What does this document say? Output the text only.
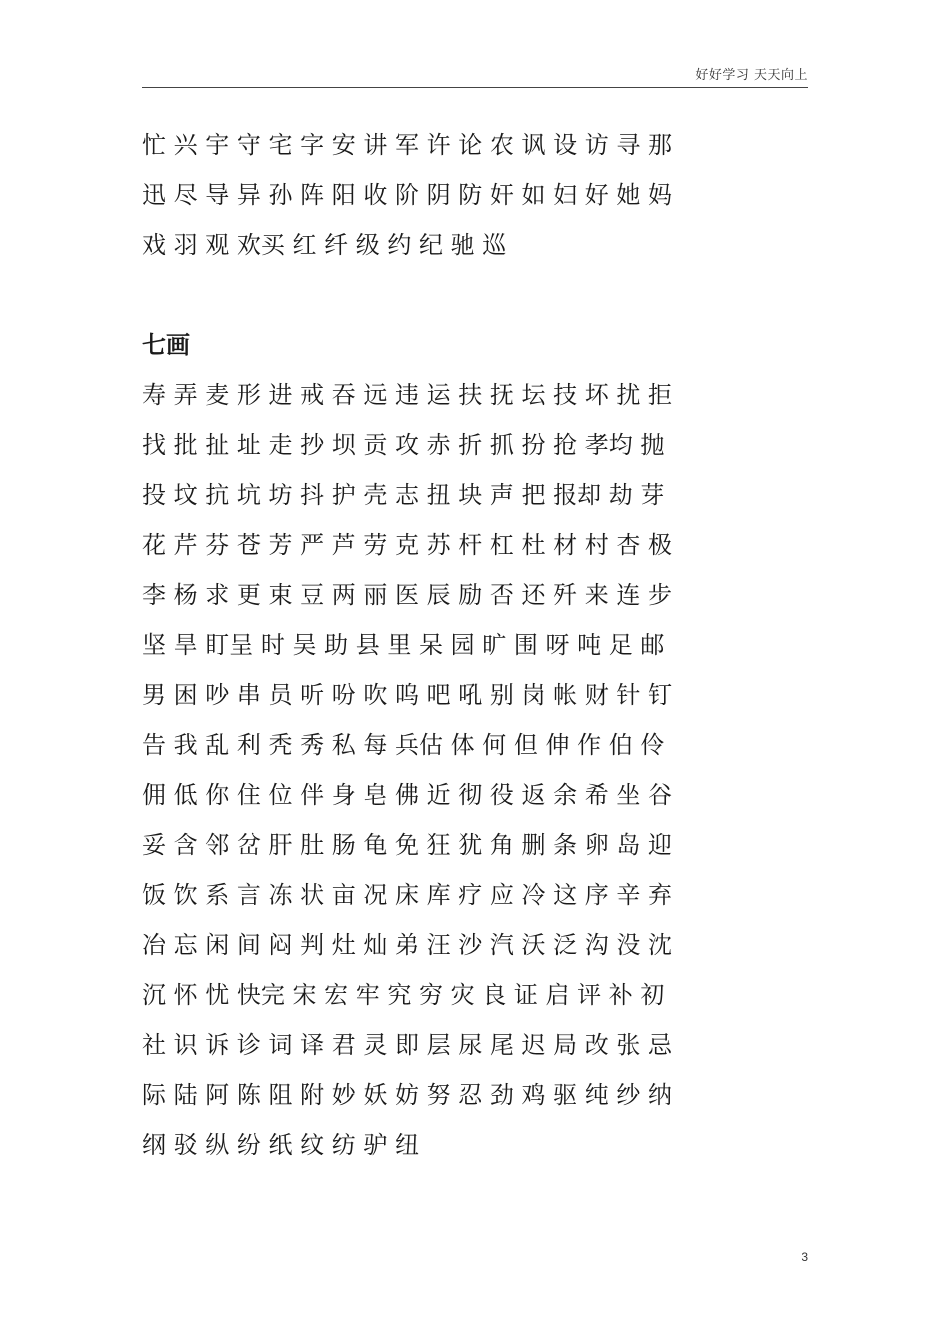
好好学习 天天向上
忙 兴 宇 守 宅 字 安 讲 军 许 论 农 讽 设 访 寻 那
迅 尽 导 异 孙 阵 阳 收 阶 阴 防 奸 如 妇 好 她 妈
戏 羽 观 欢买 红 纤 级 约 纪 驰 巡
七画
寿 弄 麦 形 进 戒 吞 远 违 运 扶 抚 坛 技 坏 扰 拒
找 批 扯 址 走 抄 坝 贡 攻 赤 折 抓 扮 抢 孝均 抛
投 坟 抗 坑 坊 抖 护 壳 志 扭 块 声 把 报却 劫 芽
花 芹 芬 苍 芳 严 芦 劳 克 苏 杆 杠 杜 材 村 杏 极
李 杨 求 更 束 豆 两 丽 医 辰 励 否 还 歼 来 连 步
坚 旱 盯呈 时 吴 助 县 里 呆 园 旷 围 呀 吨 足 邮
男 困 吵 串 员 听 吩 吹 呜 吧 吼 别 岗 帐 财 针 钉
告 我 乱 利 秃 秀 私 每 兵估 体 何 但 伸 作 伯 伶
佣 低 你 住 位 伴 身 皂 佛 近 彻 役 返 余 希 坐 谷
妥 含 邻 岔 肝 肚 肠 龟 免 狂 犹 角 删 条 卵 岛 迎
饭 饮 系 言 冻 状 亩 况 床 库 疗 应 冷 这 序 辛 弃
冶 忘 闲 间 闷 判 灶 灿 弟 汪 沙 汽 沃 泛 沟 没 沈
沉 怀 忧 快完 宋 宏 牢 究 穷 灾 良 证 启 评 补 初
社 识 诉 诊 词 译 君 灵 即 层 尿 尾 迟 局 改 张 忌
际 陆 阿 陈 阻 附 妙 妖 妨 努 忍 劲 鸡 驱 纯 纱 纳
纲 驳 纵 纷 纸 纹 纺 驴 纽
3
